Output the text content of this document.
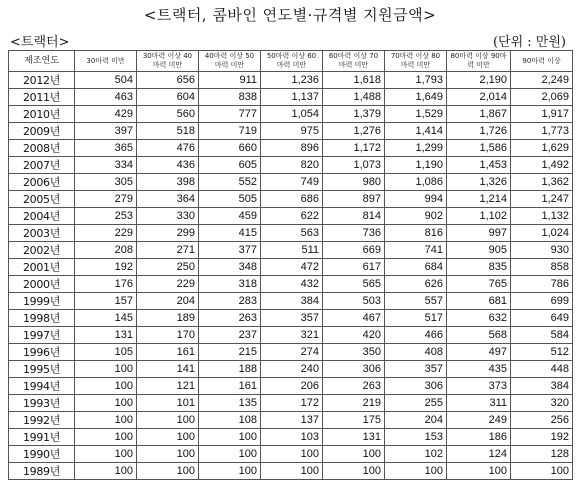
<트랙터, 콤바인 연도별·규격별 지원금액>
<트랙터>	(단위 : 만원)
제조연도	30마력 미만	30마력 이상 40마력 미만	40마력 이상 50마력 미만	50마력 이상 60마력 미만	60마력 이상 70마력 미만	70마력 이상 80마력 미만	80마력 이상 90마력 미만	90마력 이상
2012년	504	656	911	1,236	1,618	1,793	2,190	2,249
2011년	463	604	838	1,137	1,488	1,649	2,014	2,069
2010년	429	560	777	1,054	1,379	1,529	1,867	1,917
2009년	397	518	719	975	1,276	1,414	1,726	1,773
2008년	365	476	660	896	1,172	1,299	1,586	1,629
2007년	334	436	605	820	1,073	1,190	1,453	1,492
2006년	305	398	552	749	980	1,086	1,326	1,362
2005년	279	364	505	686	897	994	1,214	1,247
2004년	253	330	459	622	814	902	1,102	1,132
2003년	229	299	415	563	736	816	997	1,024
2002년	208	271	377	511	669	741	905	930
2001년	192	250	348	472	617	684	835	858
2000년	176	229	318	432	565	626	765	786
1999년	157	204	283	384	503	557	681	699
1998년	145	189	263	357	467	517	632	649
1997년	131	170	237	321	420	466	568	584
1996년	105	161	215	274	350	408	497	512
1995년	100	141	188	240	306	357	435	448
1994년	100	121	161	206	263	306	373	384
1993년	100	101	135	172	219	255	311	320
1992년	100	100	108	137	175	204	249	256
1991년	100	100	100	103	131	153	186	192
1990년	100	100	100	100	100	102	124	128
1989년	100	100	100	100	100	100	100	100
